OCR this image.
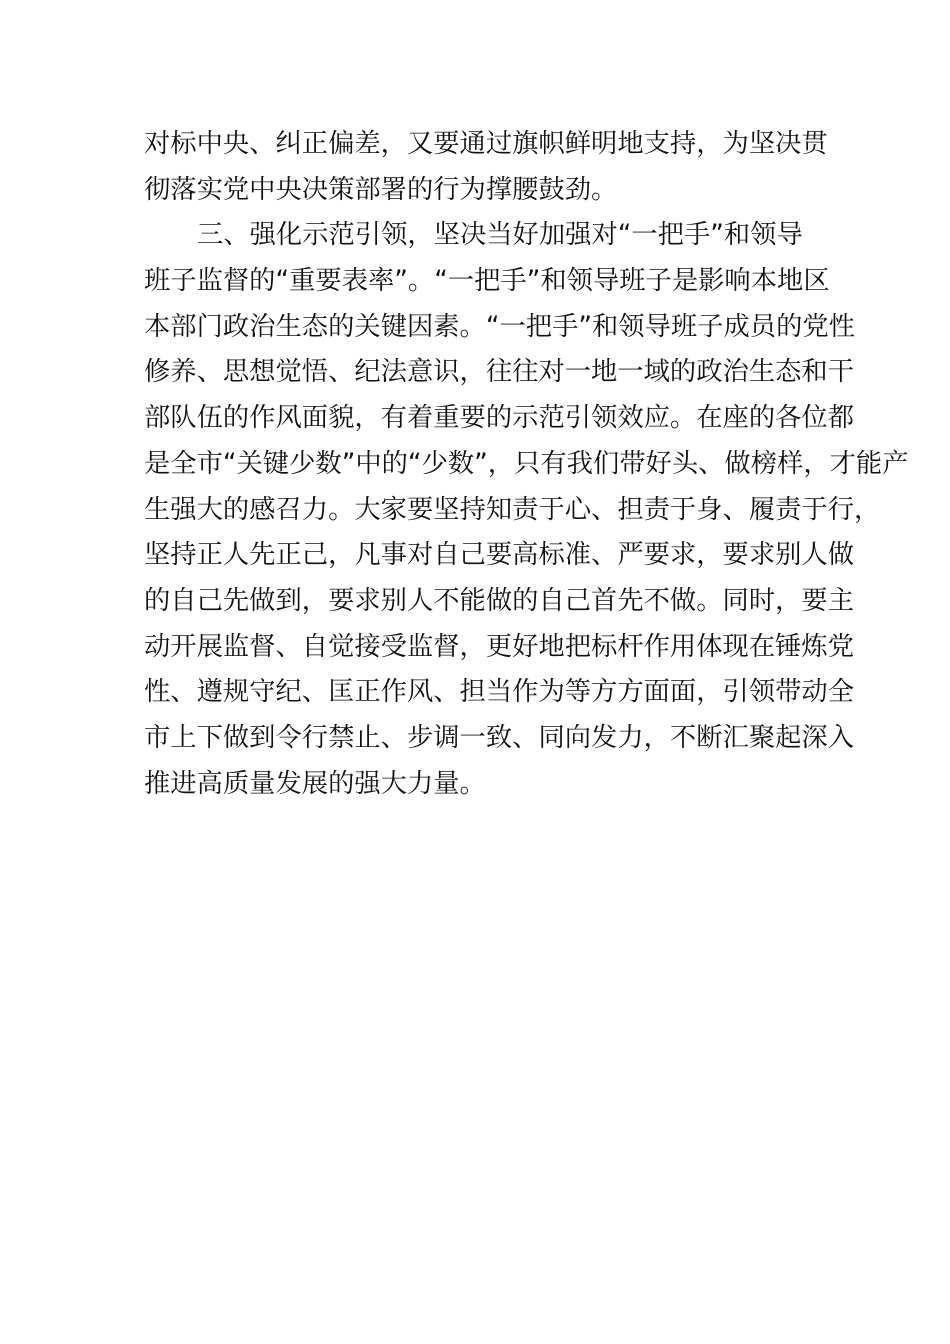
对标中央、纠正偏差，又要通过旗帜鲜明地支持，为坚决贯
彻落实党中央决策部署的行为撑腰鼓劲。
三、强化示范引领，坚决当好加强对“一把手”和领导
班子监督的“重要表率”。“一把手”和领导班子是影响本地区
本部门政治生态的关键因素。“一把手”和领导班子成员的党性
修养、思想觉悟、纪法意识，往往对一地一域的政治生态和干
部队伍的作风面貌，有着重要的示范引领效应。在座的各位都
是全市“关键少数”中的“少数”，只有我们带好头、做榜样，才能产
生强大的感召力。大家要坚持知责于心、担责于身、履责于行，
坚持正人先正己，凡事对自己要高标准、严要求，要求别人做
的自己先做到，要求别人不能做的自己首先不做。同时，要主
动开展监督、自觉接受监督，更好地把标杆作用体现在锤炼党
性、遵规守纪、匡正作风、担当作为等方方面面，引领带动全
市上下做到令行禁止、步调一致、同向发力，不断汇聚起深入
推进高质量发展的强大力量。
